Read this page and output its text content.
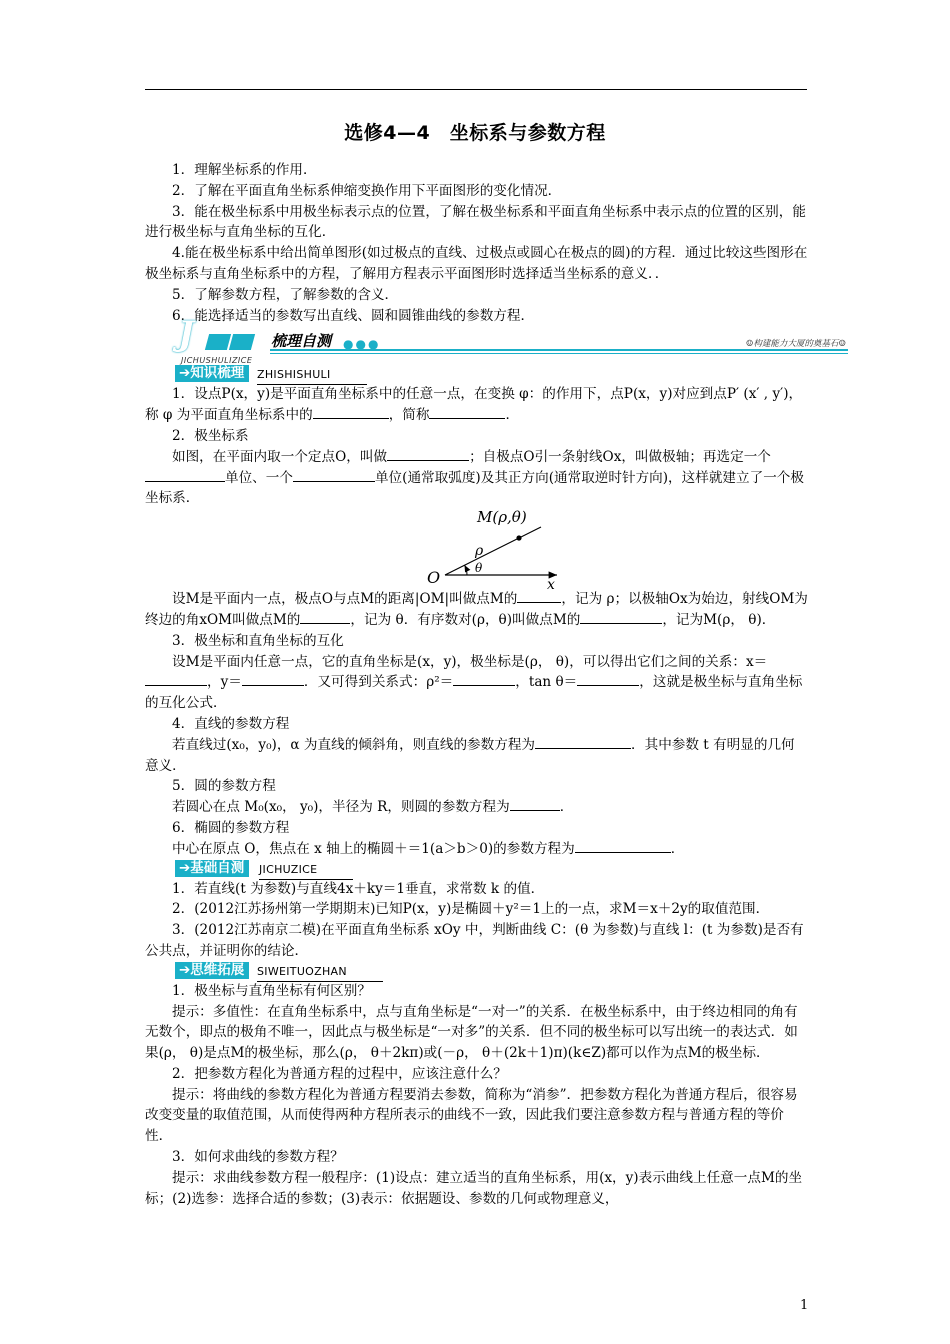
选修4—4　坐标系与参数方程

1．理解坐标系的作用．

2．了解在平面直角坐标系伸缩变换作用下平面图形的变化情况．

3．能在极坐标系中用极坐标表示点的位置，了解在极坐标系和平面直角坐标系中表示点的位置的区别，能进行极坐标与直角坐标的互化．

4.能在极坐标系中给出简单图形(如过极点的直线、过极点或圆心在极点的圆)的方程．通过比较这些图形在极坐标系与直角坐标系中的方程，了解用方程表示平面图形时选择适当坐标系的意义．．

5．了解参数方程，了解参数的含义．

6．能选择适当的参数写出直线、圆和圆锥曲线的参数方程．

J	梳理自测 ●●●
JICHUSHULIZICE
☺构建能力大厦的奠基石☺
➔知识梳理	ZHISHISHULI

1．设点P(x，y)是平面直角坐标系中的任意一点，在变换 φ：的作用下，点P(x，y)对应到点P′ (x′ , y′)，称 φ 为平面直角坐标系中的	，简称	．

2．极坐标系

如图，在平面内取一个定点O，叫做	；自极点O引一条射线Ox，叫做极轴；再选定一个单位、一个	单位(通常取弧度)及其正方向(通常取逆时针方向)，这样就建立了一个极坐标系．

M(ρ,θ)
ρ
θ
O	x

设M是平面内一点，极点O与点M的距离|OM|叫做点M的	，记为 ρ；以极轴Ox为始边，射线OM为终边的角xOM叫做点M的	，记为 θ．有序数对(ρ，θ)叫做点M的	，记为M(ρ， θ)．

3．极坐标和直角坐标的互化

设M是平面内任意一点，它的直角坐标是(x，y)，极坐标是(ρ， θ)，可以得出它们之间的关系：x＝，y＝	．又可得到关系式：ρ²＝	，tan θ＝	，这就是极坐标与直角坐标的互化公式．

4．直线的参数方程

若直线过(x₀，y₀)，α 为直线的倾斜角，则直线的参数方程为	．其中参数 t 有明显的几何意义．

5．圆的参数方程

若圆心在点 M₀(x₀， y₀)，半径为 R，则圆的参数方程为	．

6．椭圆的参数方程

中心在原点 O，焦点在 x 轴上的椭圆＋＝1(a＞b＞0)的参数方程为	．

➔基础自测	JICHUZICE

1．若直线(t 为参数)与直线4x＋ky＝1垂直，求常数 k 的值．

2．(2012江苏扬州第一学期期末)已知P(x，y)是椭圆＋y²＝1上的一点，求M＝x＋2y的取值范围．

3．(2012江苏南京二模)在平面直角坐标系 xOy 中，判断曲线 C：(θ 为参数)与直线 l：(t 为参数)是否有公共点，并证明你的结论．

➔思维拓展	SIWEITUOZHAN

1．极坐标与直角坐标有何区别？

提示：多值性：在直角坐标系中，点与直角坐标是“一对一”的关系．在极坐标系中，由于终边相同的角有无数个，即点的极角不唯一，因此点与极坐标是“一对多”的关系．但不同的极坐标可以写出统一的表达式．如果(ρ， θ)是点M的极坐标，那么(ρ， θ＋2kπ)或(－ρ， θ＋(2k＋1)π)(k∈Z)都可以作为点M的极坐标．

2．把参数方程化为普通方程的过程中，应该注意什么？

提示：将曲线的参数方程化为普通方程要消去参数，简称为“消参”．把参数方程化为普通方程后，很容易改变变量的取值范围，从而使得两种方程所表示的曲线不一致，因此我们要注意参数方程与普通方程的等价性．

3．如何求曲线的参数方程？

提示：求曲线参数方程一般程序：(1)设点：建立适当的直角坐标系，用(x，y)表示曲线上任意一点M的坐标；(2)选参：选择合适的参数；(3)表示：依据题设、参数的几何或物理意义，

1
